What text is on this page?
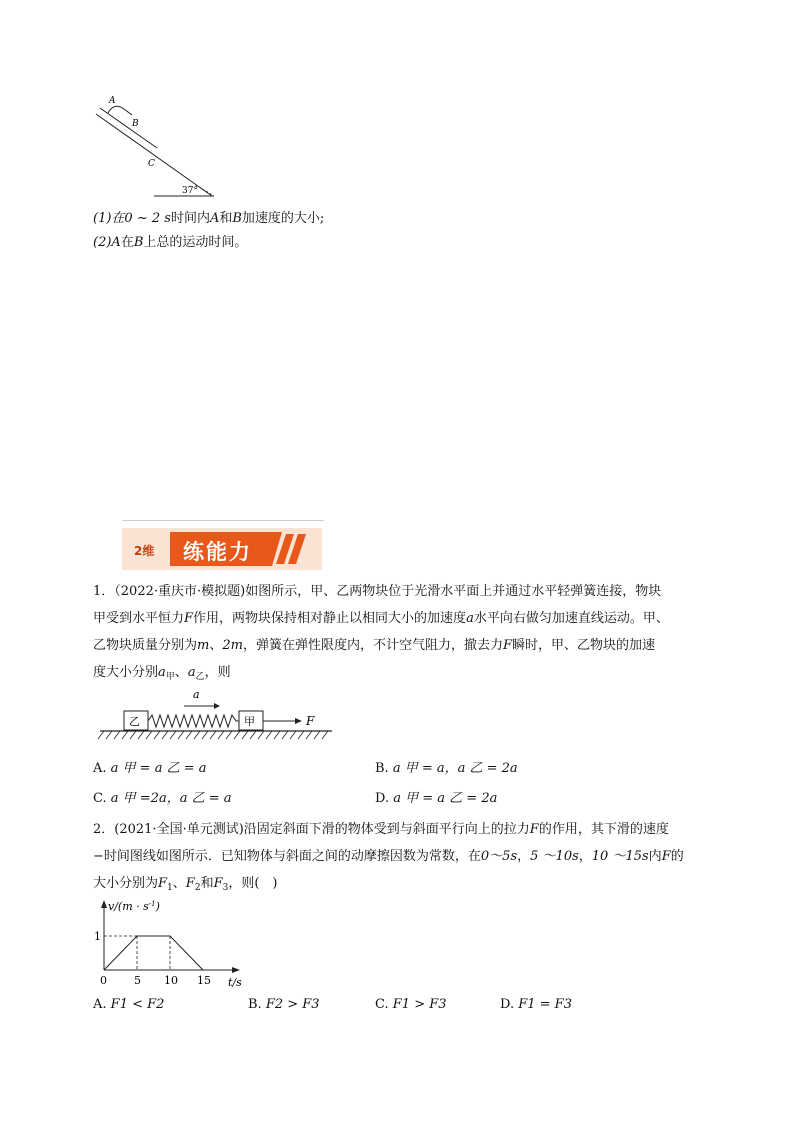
A
B
C
37°
(1)在0 ~ 2 s时间内A和B加速度的大小;
(2)A在B上总的运动时间。
2维 练能力
1．（2022·重庆市·模拟题)如图所示，甲、乙两物块位于光滑水平面上并通过水平轻弹簧连接，物块
甲受到水平恒力F作用，两物块保持相对静止以相同大小的加速度a水平向右做匀加速直线运动。甲、
乙物块质量分别为m、2m，弹簧在弹性限度内，不计空气阻力，撤去力F瞬时，甲、乙物块的加速
度大小分别$a_甲$、$a_乙$，则
a
乙	甲	F
A. a 甲 = a 乙 = a	B. a 甲 = a，a 乙 = 2a
C. a 甲 =2a，a 乙 = a	D. a 甲 = a 乙 = 2a
2．(2021·全国·单元测试)沿固定斜面下滑的物体受到与斜面平行向上的拉力F的作用，其下滑的速度
−时间图线如图所示．已知物体与斜面之间的动摩擦因数为常数，在0～5s，5 ～10s，10 ～15s内F的
大小分别为$F_1$、$F_2$和$F_3$，则(　)
$v/(m \cdot s^{-1})$
1
0 5 10 15 t/s
A. F1 < F2	B. F2 > F3	C. F1 > F3	D. F1 = F3
